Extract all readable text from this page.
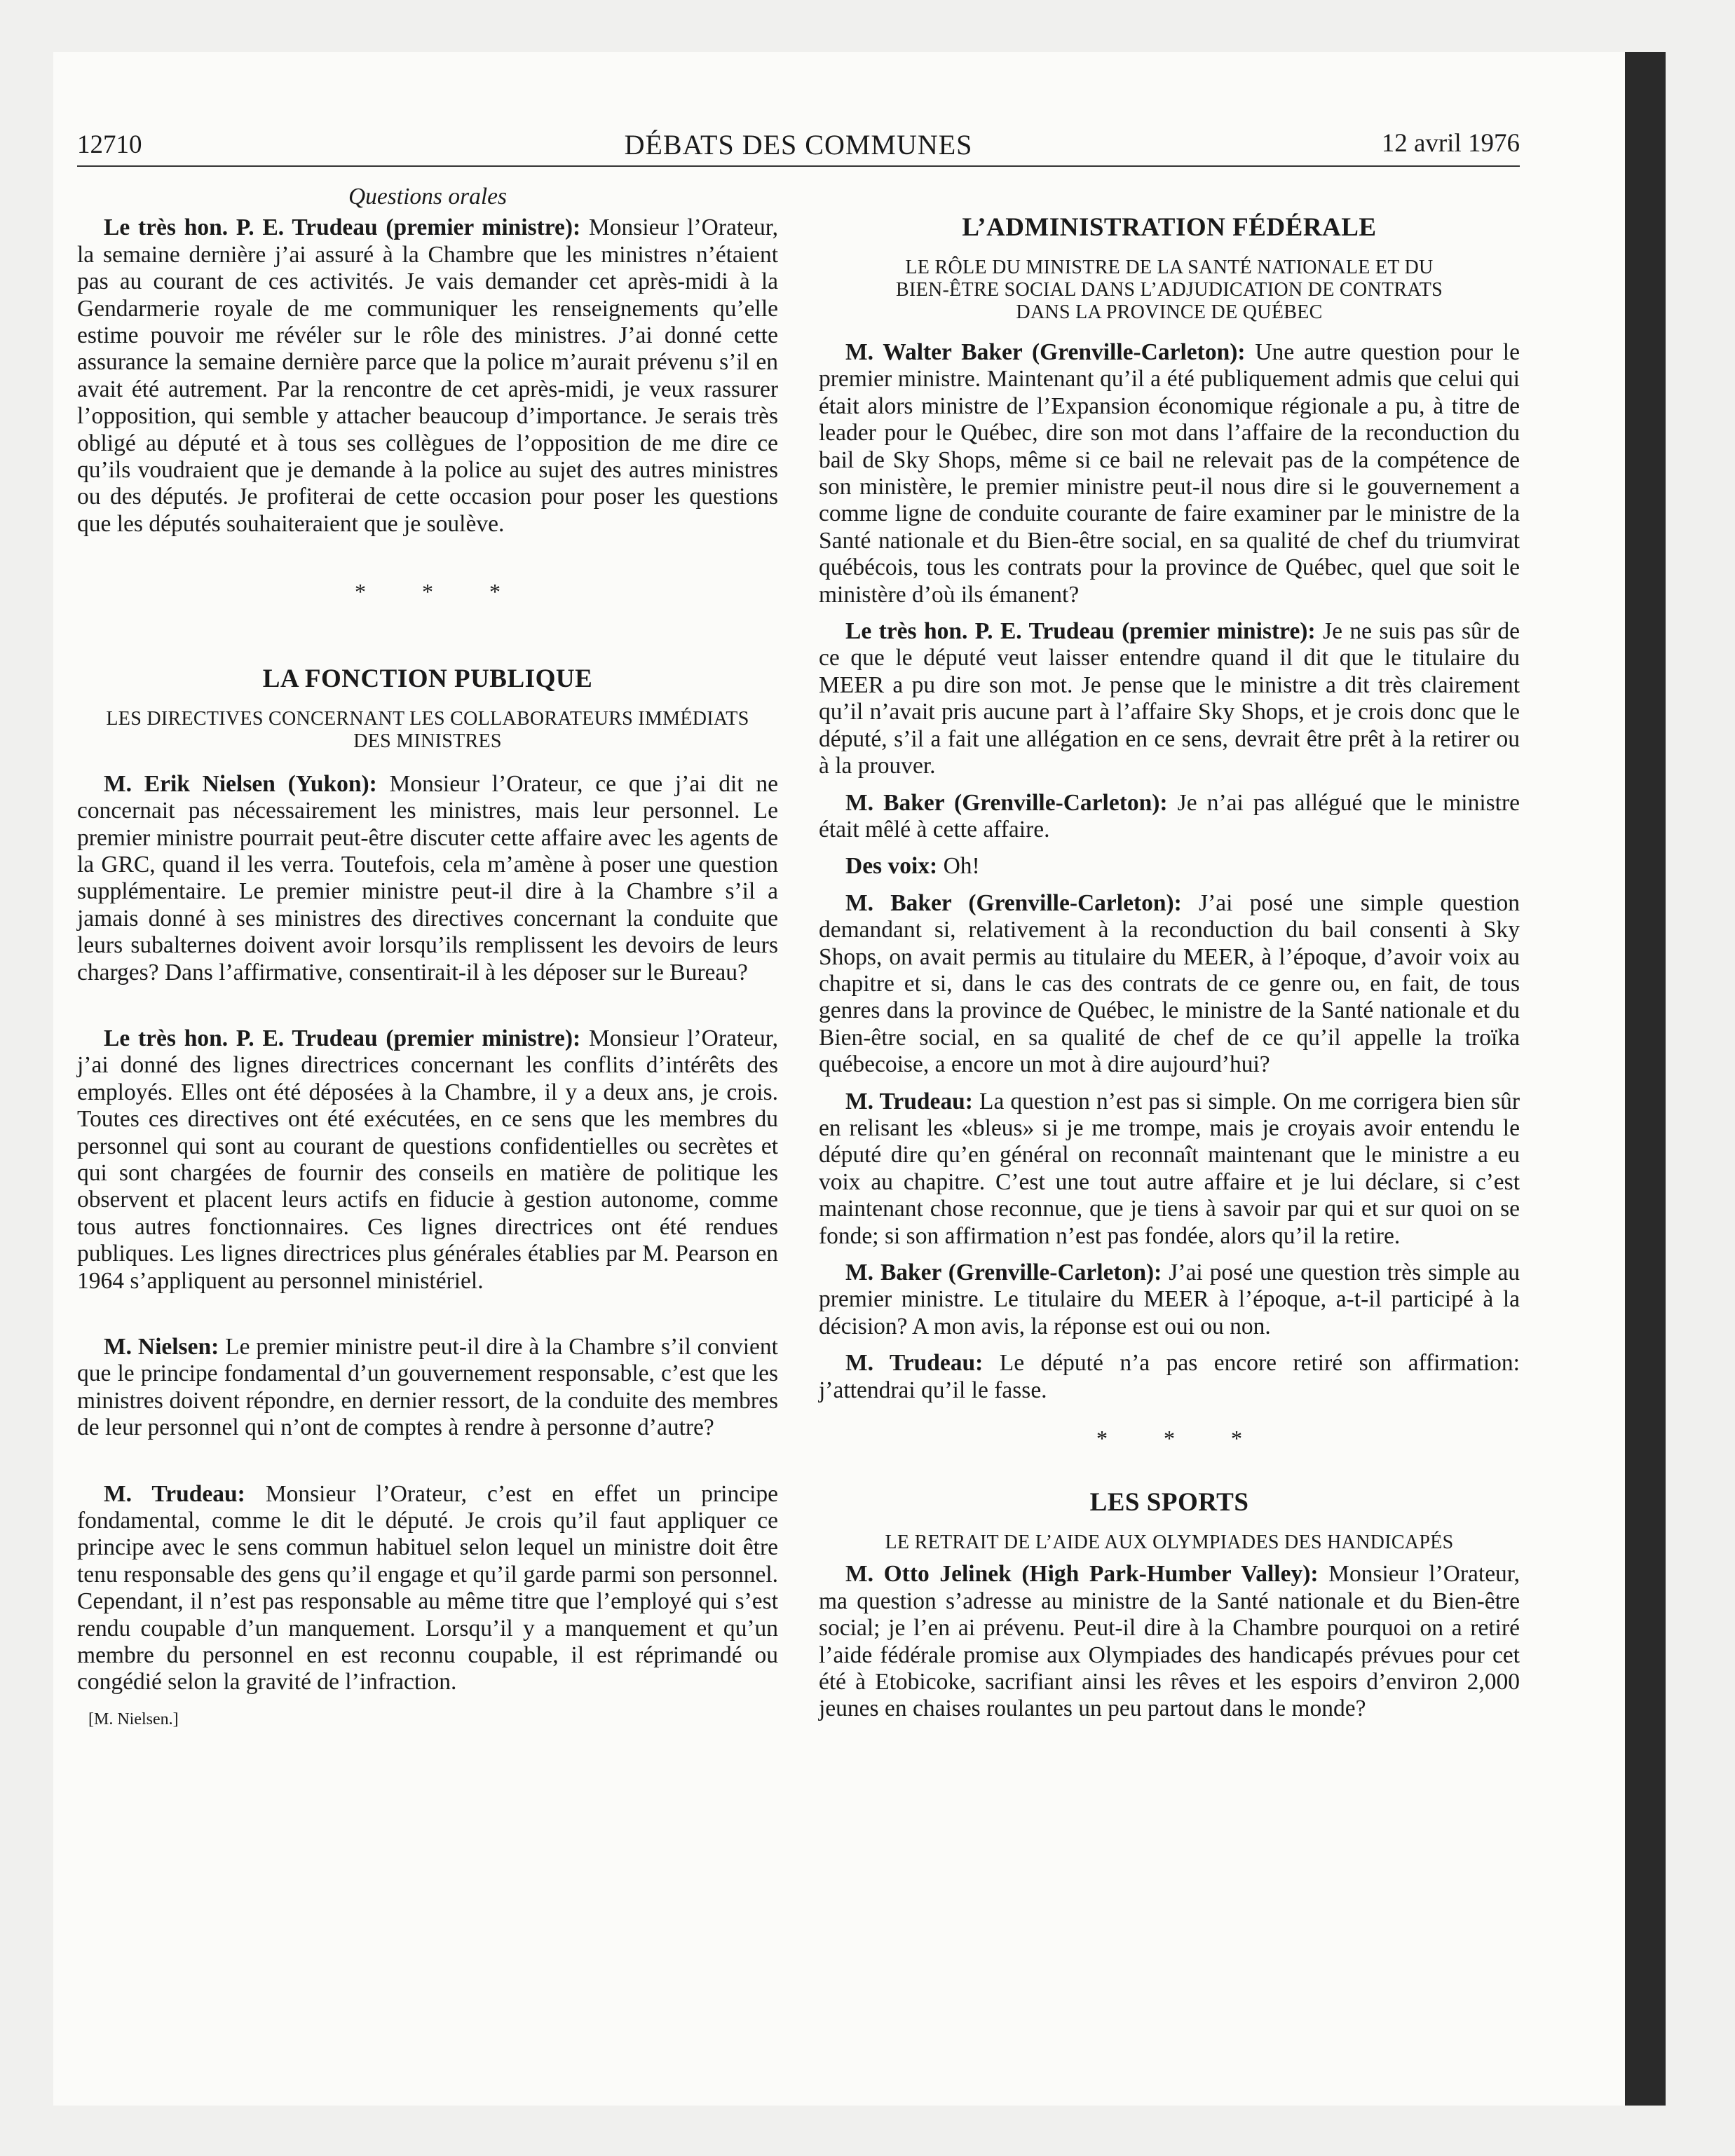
12710	DÉBATS DES COMMUNES	12 avril 1976
Questions orales

Le très hon. P. E. Trudeau (premier ministre): Monsieur l’Orateur, la semaine dernière j’ai assuré à la Chambre que les ministres n’étaient pas au courant de ces activités. Je vais demander cet après-midi à la Gendarmerie royale de me communiquer les renseignements qu’elle estime pouvoir me révéler sur le rôle des ministres. J’ai donné cette assurance la semaine dernière parce que la police m’aurait prévenu s’il en avait été autrement. Par la rencontre de cet après-midi, je veux rassurer l’opposition, qui semble y attacher beaucoup d’importance. Je serais très obligé au député et à tous ses collègues de l’opposition de me dire ce qu’ils voudraient que je demande à la police au sujet des autres ministres ou des députés. Je profiterai de cette occasion pour poser les questions que les députés souhaiteraient que je soulève.

* * *
LA FONCTION PUBLIQUE
LES DIRECTIVES CONCERNANT LES COLLABORATEURS IMMÉDIATS DES MINISTRES

M. Erik Nielsen (Yukon): Monsieur l’Orateur, ce que j’ai dit ne concernait pas nécessairement les ministres, mais leur personnel. Le premier ministre pourrait peut-être discuter cette affaire avec les agents de la GRC, quand il les verra. Toutefois, cela m’amène à poser une question supplémentaire. Le premier ministre peut-il dire à la Chambre s’il a jamais donné à ses ministres des directives concernant la conduite que leurs subalternes doivent avoir lorsqu’ils remplissent les devoirs de leurs charges? Dans l’affirmative, consentirait-il à les déposer sur le Bureau?

Le très hon. P. E. Trudeau (premier ministre): Monsieur l’Orateur, j’ai donné des lignes directrices concernant les conflits d’intérêts des employés. Elles ont été déposées à la Chambre, il y a deux ans, je crois. Toutes ces directives ont été exécutées, en ce sens que les membres du personnel qui sont au courant de questions confidentielles ou secrètes et qui sont chargées de fournir des conseils en matière de politique les observent et placent leurs actifs en fiducie à gestion autonome, comme tous autres fonctionnaires. Ces lignes directrices ont été rendues publiques. Les lignes directrices plus générales établies par M. Pearson en 1964 s’appliquent au personnel ministériel.

M. Nielsen: Le premier ministre peut-il dire à la Chambre s’il convient que le principe fondamental d’un gouvernement responsable, c’est que les ministres doivent répondre, en dernier ressort, de la conduite des membres de leur personnel qui n’ont de comptes à rendre à personne d’autre?

M. Trudeau: Monsieur l’Orateur, c’est en effet un principe fondamental, comme le dit le député. Je crois qu’il faut appliquer ce principe avec le sens commun habituel selon lequel un ministre doit être tenu responsable des gens qu’il engage et qu’il garde parmi son personnel. Cependant, il n’est pas responsable au même titre que l’employé qui s’est rendu coupable d’un manquement. Lorsqu’il y a manquement et qu’un membre du personnel en est reconnu coupable, il est réprimandé ou congédié selon la gravité de l’infraction.

[M. Nielsen.]
L’ADMINISTRATION FÉDÉRALE
LE RÔLE DU MINISTRE DE LA SANTÉ NATIONALE ET DU BIEN-ÊTRE SOCIAL DANS L’ADJUDICATION DE CONTRATS DANS LA PROVINCE DE QUÉBEC

M. Walter Baker (Grenville-Carleton): Une autre question pour le premier ministre. Maintenant qu’il a été publiquement admis que celui qui était alors ministre de l’Expansion économique régionale a pu, à titre de leader pour le Québec, dire son mot dans l’affaire de la reconduction du bail de Sky Shops, même si ce bail ne relevait pas de la compétence de son ministère, le premier ministre peut-il nous dire si le gouvernement a comme ligne de conduite courante de faire examiner par le ministre de la Santé nationale et du Bien-être social, en sa qualité de chef du triumvirat québécois, tous les contrats pour la province de Québec, quel que soit le ministère d’où ils émanent?

Le très hon. P. E. Trudeau (premier ministre): Je ne suis pas sûr de ce que le député veut laisser entendre quand il dit que le titulaire du MEER a pu dire son mot. Je pense que le ministre a dit très clairement qu’il n’avait pris aucune part à l’affaire Sky Shops, et je crois donc que le député, s’il a fait une allégation en ce sens, devrait être prêt à la retirer ou à la prouver.

M. Baker (Grenville-Carleton): Je n’ai pas allégué que le ministre était mêlé à cette affaire.

Des voix: Oh!

M. Baker (Grenville-Carleton): J’ai posé une simple question demandant si, relativement à la reconduction du bail consenti à Sky Shops, on avait permis au titulaire du MEER, à l’époque, d’avoir voix au chapitre et si, dans le cas des contrats de ce genre ou, en fait, de tous genres dans la province de Québec, le ministre de la Santé nationale et du Bien-être social, en sa qualité de chef de ce qu’il appelle la troïka québecoise, a encore un mot à dire aujourd’hui?

M. Trudeau: La question n’est pas si simple. On me corrigera bien sûr en relisant les «bleus» si je me trompe, mais je croyais avoir entendu le député dire qu’en général on reconnaît maintenant que le ministre a eu voix au chapitre. C’est une tout autre affaire et je lui déclare, si c’est maintenant chose reconnue, que je tiens à savoir par qui et sur quoi on se fonde; si son affirmation n’est pas fondée, alors qu’il la retire.

M. Baker (Grenville-Carleton): J’ai posé une question très simple au premier ministre. Le titulaire du MEER à l’époque, a-t-il participé à la décision? A mon avis, la réponse est oui ou non.

M. Trudeau: Le député n’a pas encore retiré son affirmation: j’attendrai qu’il le fasse.

* * *
LES SPORTS
LE RETRAIT DE L’AIDE AUX OLYMPIADES DES HANDICAPÉS

M. Otto Jelinek (High Park-Humber Valley): Monsieur l’Orateur, ma question s’adresse au ministre de la Santé nationale et du Bien-être social; je l’en ai prévenu. Peut-il dire à la Chambre pourquoi on a retiré l’aide fédérale promise aux Olympiades des handicapés prévues pour cet été à Etobicoke, sacrifiant ainsi les rêves et les espoirs d’environ 2,000 jeunes en chaises roulantes un peu partout dans le monde?
